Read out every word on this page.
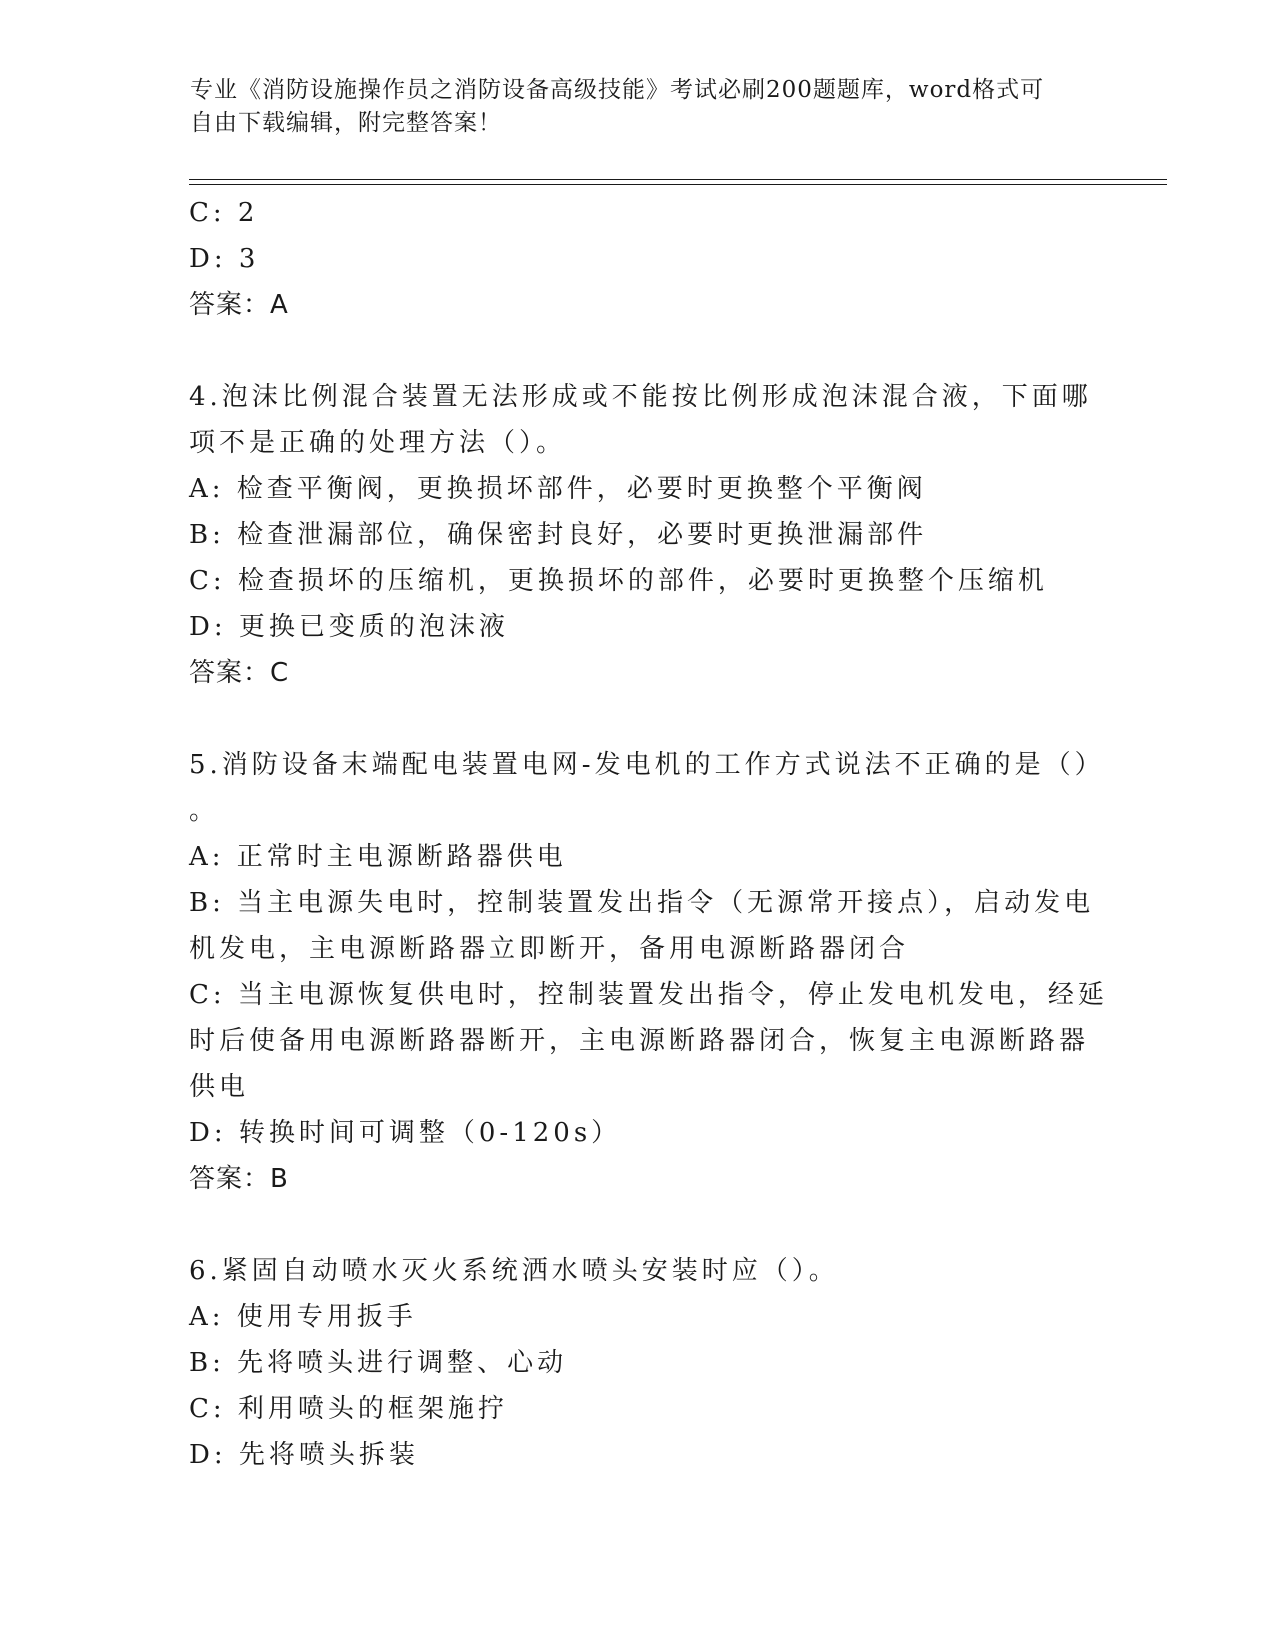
专业《消防设施操作员之消防设备高级技能》考试必刷200题题库，word格式可
自由下载编辑，附完整答案！
C: 2
D: 3
答案：A
4.泡沫比例混合装置无法形成或不能按比例形成泡沫混合液，下面哪
项不是正确的处理方法（）。
A: 检查平衡阀，更换损坏部件，必要时更换整个平衡阀
B: 检查泄漏部位，确保密封良好，必要时更换泄漏部件
C: 检查损坏的压缩机，更换损坏的部件，必要时更换整个压缩机
D: 更换已变质的泡沫液
答案：C
5.消防设备末端配电装置电网-发电机的工作方式说法不正确的是（）
。
A: 正常时主电源断路器供电
B: 当主电源失电时，控制装置发出指令（无源常开接点），启动发电
机发电，主电源断路器立即断开，备用电源断路器闭合
C: 当主电源恢复供电时，控制装置发出指令，停止发电机发电，经延
时后使备用电源断路器断开，主电源断路器闭合，恢复主电源断路器
供电
D: 转换时间可调整（0-120s）
答案：B
6.紧固自动喷水灭火系统洒水喷头安装时应（）。
A: 使用专用扳手
B: 先将喷头进行调整、心动
C: 利用喷头的框架施拧
D: 先将喷头拆装
